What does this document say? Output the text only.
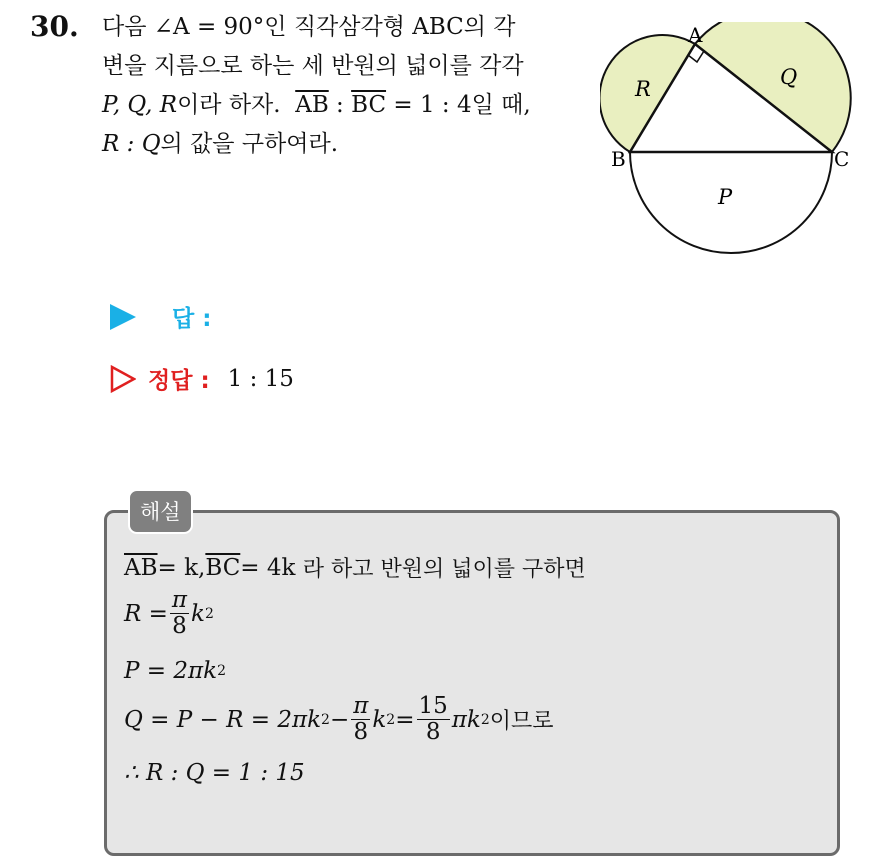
30. 다음 ∠A = 90°인 직각삼각형 ABC의 각
변을 지름으로 하는 세 반원의 넓이를 각각
P, Q, R이라 하자. $\overline{AB}$ : $\overline{BC} = 1$ : 4일 때,
R : Q의 값을 구하여라.
A
B	C
R	Q
P
답 :
정답 : 1 : 15
해설
$\overline{AB} = k$, $\overline{BC} = 4k$
라 하고 반원의 넓이를 구하면
$R = \frac{\pi}{8}$ k 2
P = 2πk 2
Q = P − R = 2πk $2 - \frac{\pi}{8}$ k $2 = \frac{15}{8}$ πk 2 이므로
∴ R : Q = 1 : 15
